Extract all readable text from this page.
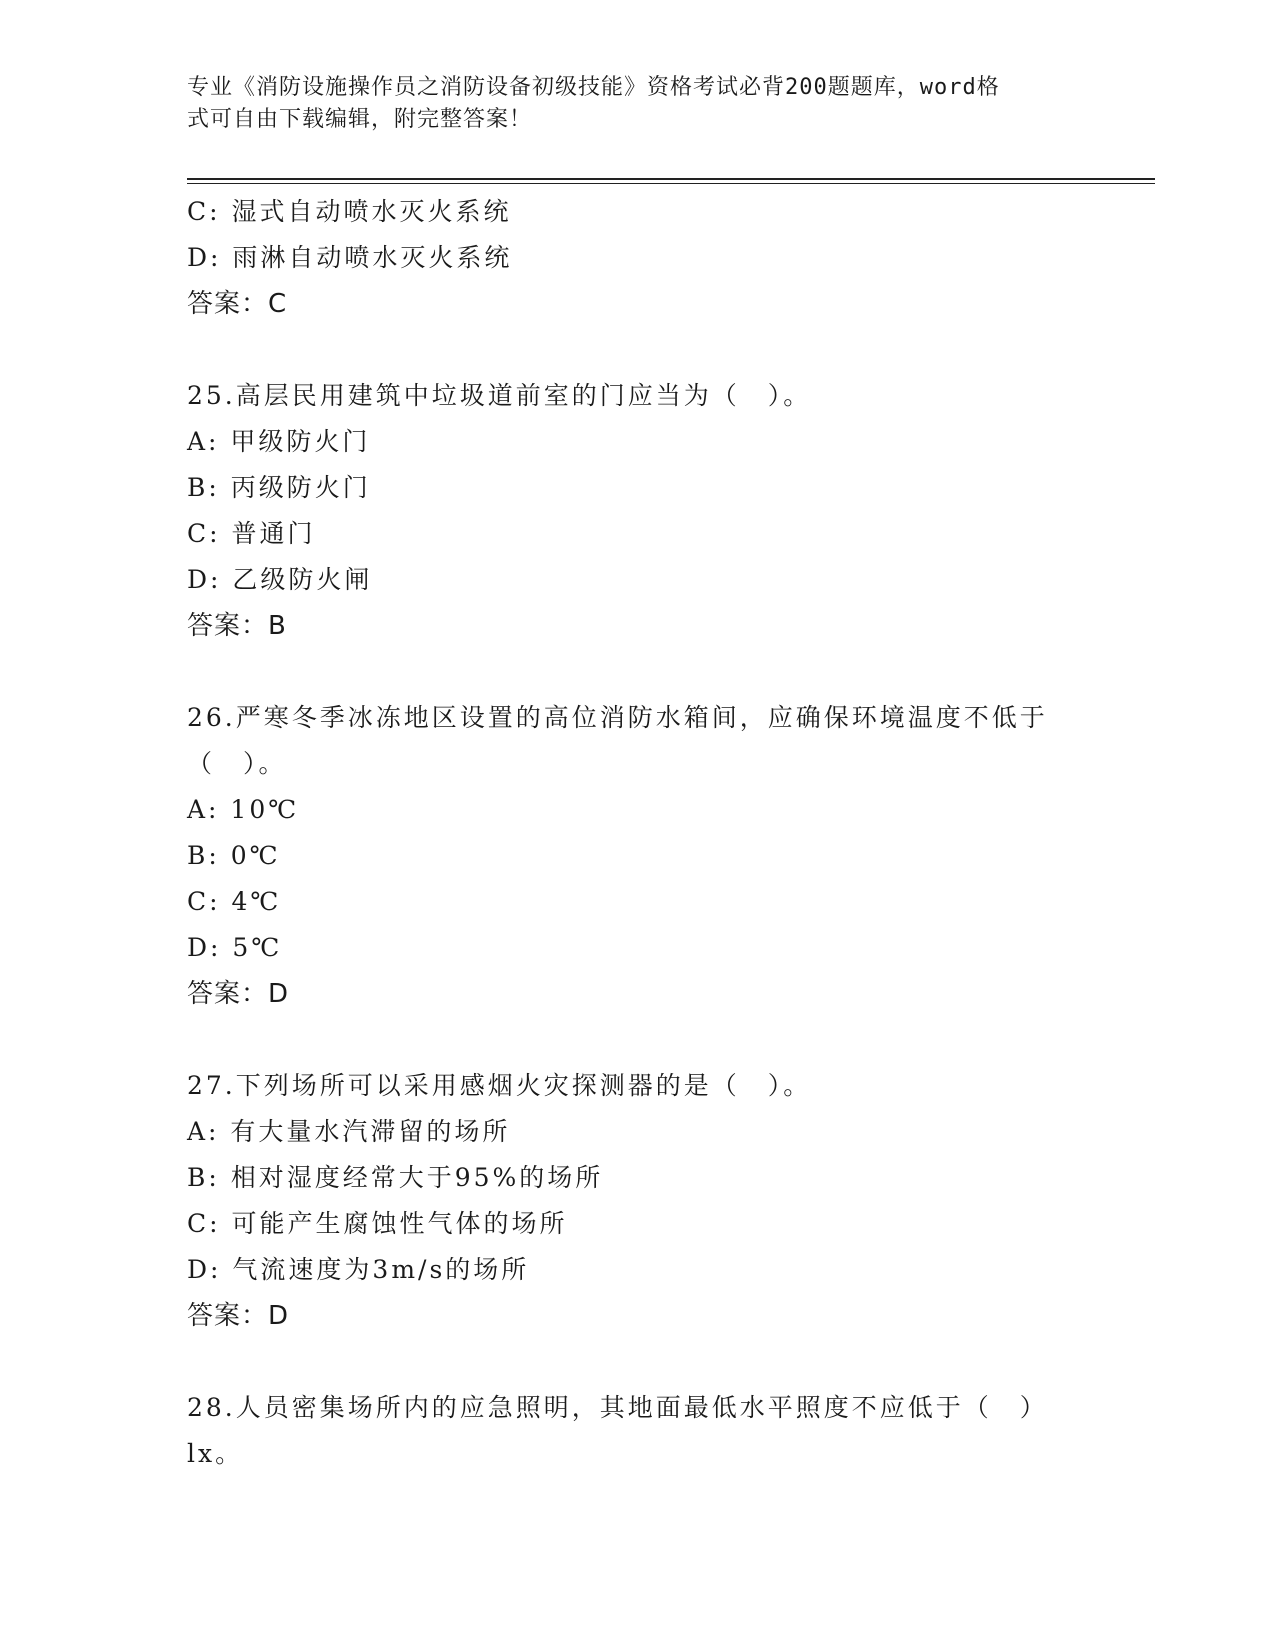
专业《消防设施操作员之消防设备初级技能》资格考试必背200题题库，word格

式可自由下载编辑，附完整答案！

C: 湿式自动喷水灭火系统
D: 雨淋自动喷水灭火系统
答案：C
25.高层民用建筑中垃圾道前室的门应当为（　）。
A: 甲级防火门
B: 丙级防火门
C: 普通门
D: 乙级防火闸
答案：B
26.严寒冬季冰冻地区设置的高位消防水箱间，应确保环境温度不低于
（　）。
A: 10℃
B: 0℃
C: 4℃
D: 5℃
答案：D
27.下列场所可以采用感烟火灾探测器的是（　）。
A: 有大量水汽滞留的场所
B: 相对湿度经常大于95%的场所
C: 可能产生腐蚀性气体的场所
D: 气流速度为3m/s的场所
答案：D
28.人员密集场所内的应急照明，其地面最低水平照度不应低于（　）
lx。
